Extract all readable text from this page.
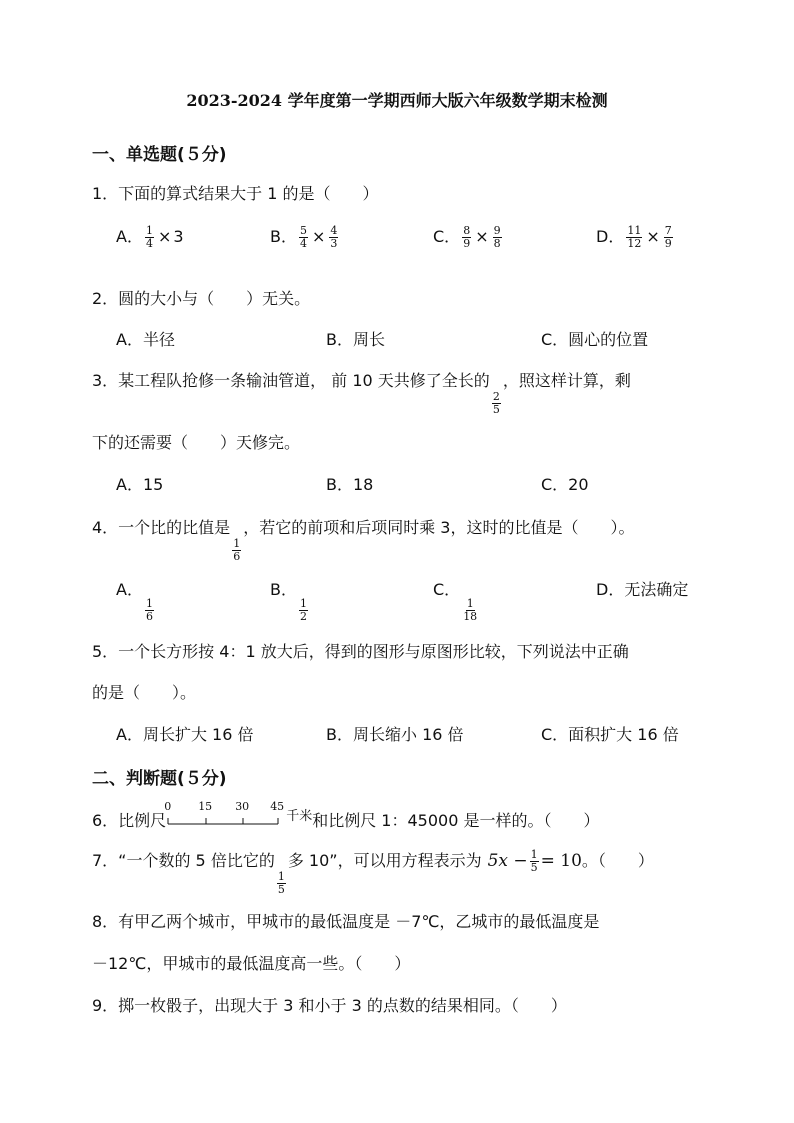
2023-2024 学年度第一学期西师大版六年级数学期末检测
一、单选题(５分)
1．下面的算式结果大于 1 的是（　　）
A． $\frac{1}{4} \times 3$	B． $\frac{5}{4} \times \frac{4}{3}$	C． $\frac{8}{9} \times \frac{9}{8}$	D． $\frac{11}{12} \times \frac{7}{9}$
2．圆的大小与（　　）无关。
A．半径	B．周长	C．圆心的位置
3．某工程队抢修一条输油管道， 前 10 天共修了全长的
$\frac{2}{5}$
，照这样计算，剩
下的还需要（　　）天修完。
A．15	B．18	C．20
4．一个比的比值是
$\frac{1}{6}$
，若它的前项和后项同时乘 3，这时的比值是（　　）。
A．
$\frac{1}{6}$
B．
$\frac{1}{2}$
C．
$\frac{1}{18}$
D．无法确定
5．一个长方形按 4：1 放大后，得到的图形与原图形比较，下列说法中正确
的是（　　）。
A．周长扩大 16 倍	B．周长缩小 16 倍	C．面积扩大 16 倍
二、判断题(５分)
6．比例尺
0 15 30 45
$^{千米}$和比例尺 1：45000 是一样的。（　　）
7．“一个数的 5 倍比它的
$\frac{1}{5}$
多 10”，可以用方程表示为 $5x - \frac{1}{5} = 10$。（　　）
8．有甲乙两个城市，甲城市的最低温度是 －7℃，乙城市的最低温度是
－12℃，甲城市的最低温度高一些。（　　）
9．掷一枚骰子，出现大于 3 和小于 3 的点数的结果相同。（　　）
